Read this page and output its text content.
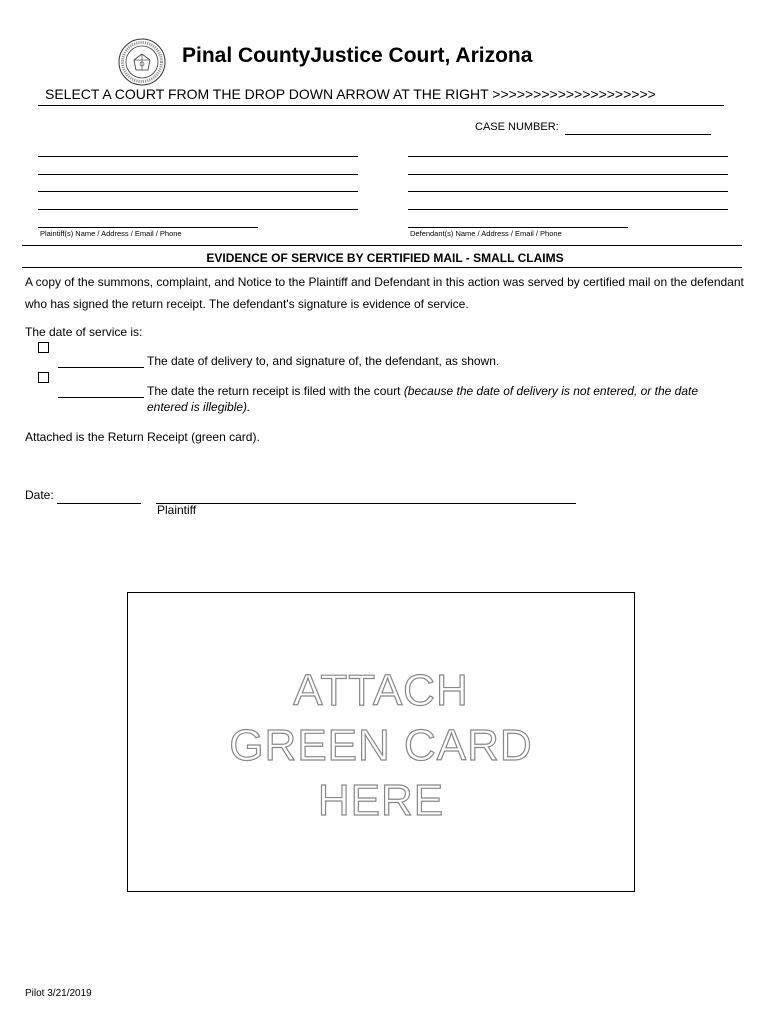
Pinal CountyJustice Court, Arizona
SELECT A COURT FROM THE DROP DOWN ARROW AT THE RIGHT >>>>>>>>>>>>>>>>>>>>
CASE NUMBER:
Plaintiff(s) Name / Address / Email / Phone	Defendant(s) Name / Address / Email / Phone
EVIDENCE OF SERVICE BY CERTIFIED MAIL - SMALL CLAIMS
A copy of the summons, complaint, and Notice to the Plaintiff and Defendant in this action was served by certified mail on the defendant who has signed the return receipt. The defendant's signature is evidence of service.
The date of service is:
The date of delivery to, and signature of, the defendant, as shown.
The date the return receipt is filed with the court (because the date of delivery is not entered, or the date
entered is illegible).
Attached is the Return Receipt (green card).
Date:
Plaintiff
ATTACH
GREEN CARD
HERE
Pilot 3/21/2019
